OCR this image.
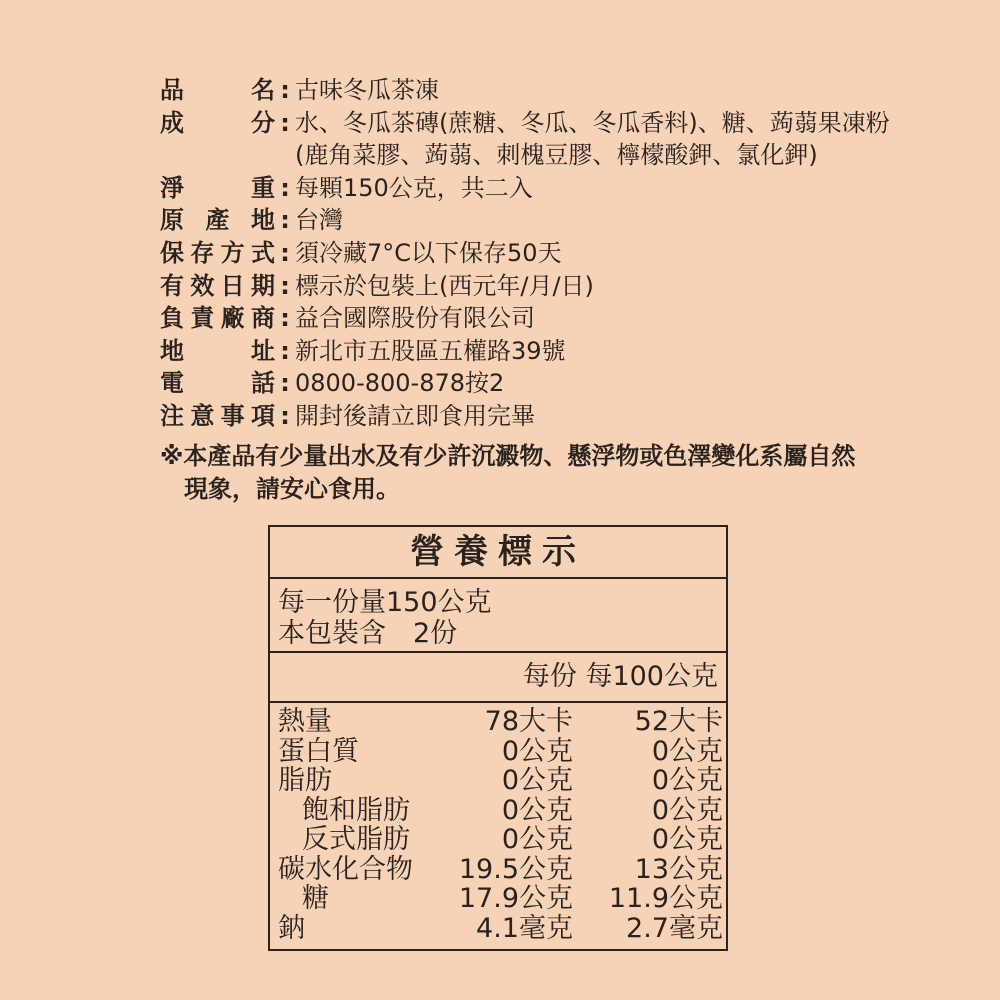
品	名 : 古味冬瓜茶凍
成	分 : 水、冬瓜茶磚(蔗糖、冬瓜、冬瓜香料)、糖、蒟蒻果凍粉
(鹿角菜膠、蒟蒻、刺槐豆膠、檸檬酸鉀、氯化鉀)
淨	重 : 每顆150公克，共二入
原 產 地 : 台灣
保 存 方 式 : 須冷藏7°C以下保存50天
有 效 日 期 : 標示於包裝上(西元年/月/日)
負 責 廠 商 : 益合國際股份有限公司
地	址 : 新北市五股區五權路39號
電	話 : 0800-800-878按2
注 意 事 項 : 開封後請立即食用完畢
※本產品有少量出水及有少許沉澱物、懸浮物或色澤變化系屬自然
現象，請安心食用。
營養標示
每一份量150公克
本包裝含　2份
每份 每100公克
熱量	78大卡	52大卡
蛋白質	0公克	0公克
脂肪	0公克	0公克
飽和脂肪	0公克	0公克
反式脂肪	0公克	0公克
碳水化合物	19.5公克	13公克
糖	17.9公克	11.9公克
鈉	4.1毫克	2.7毫克
